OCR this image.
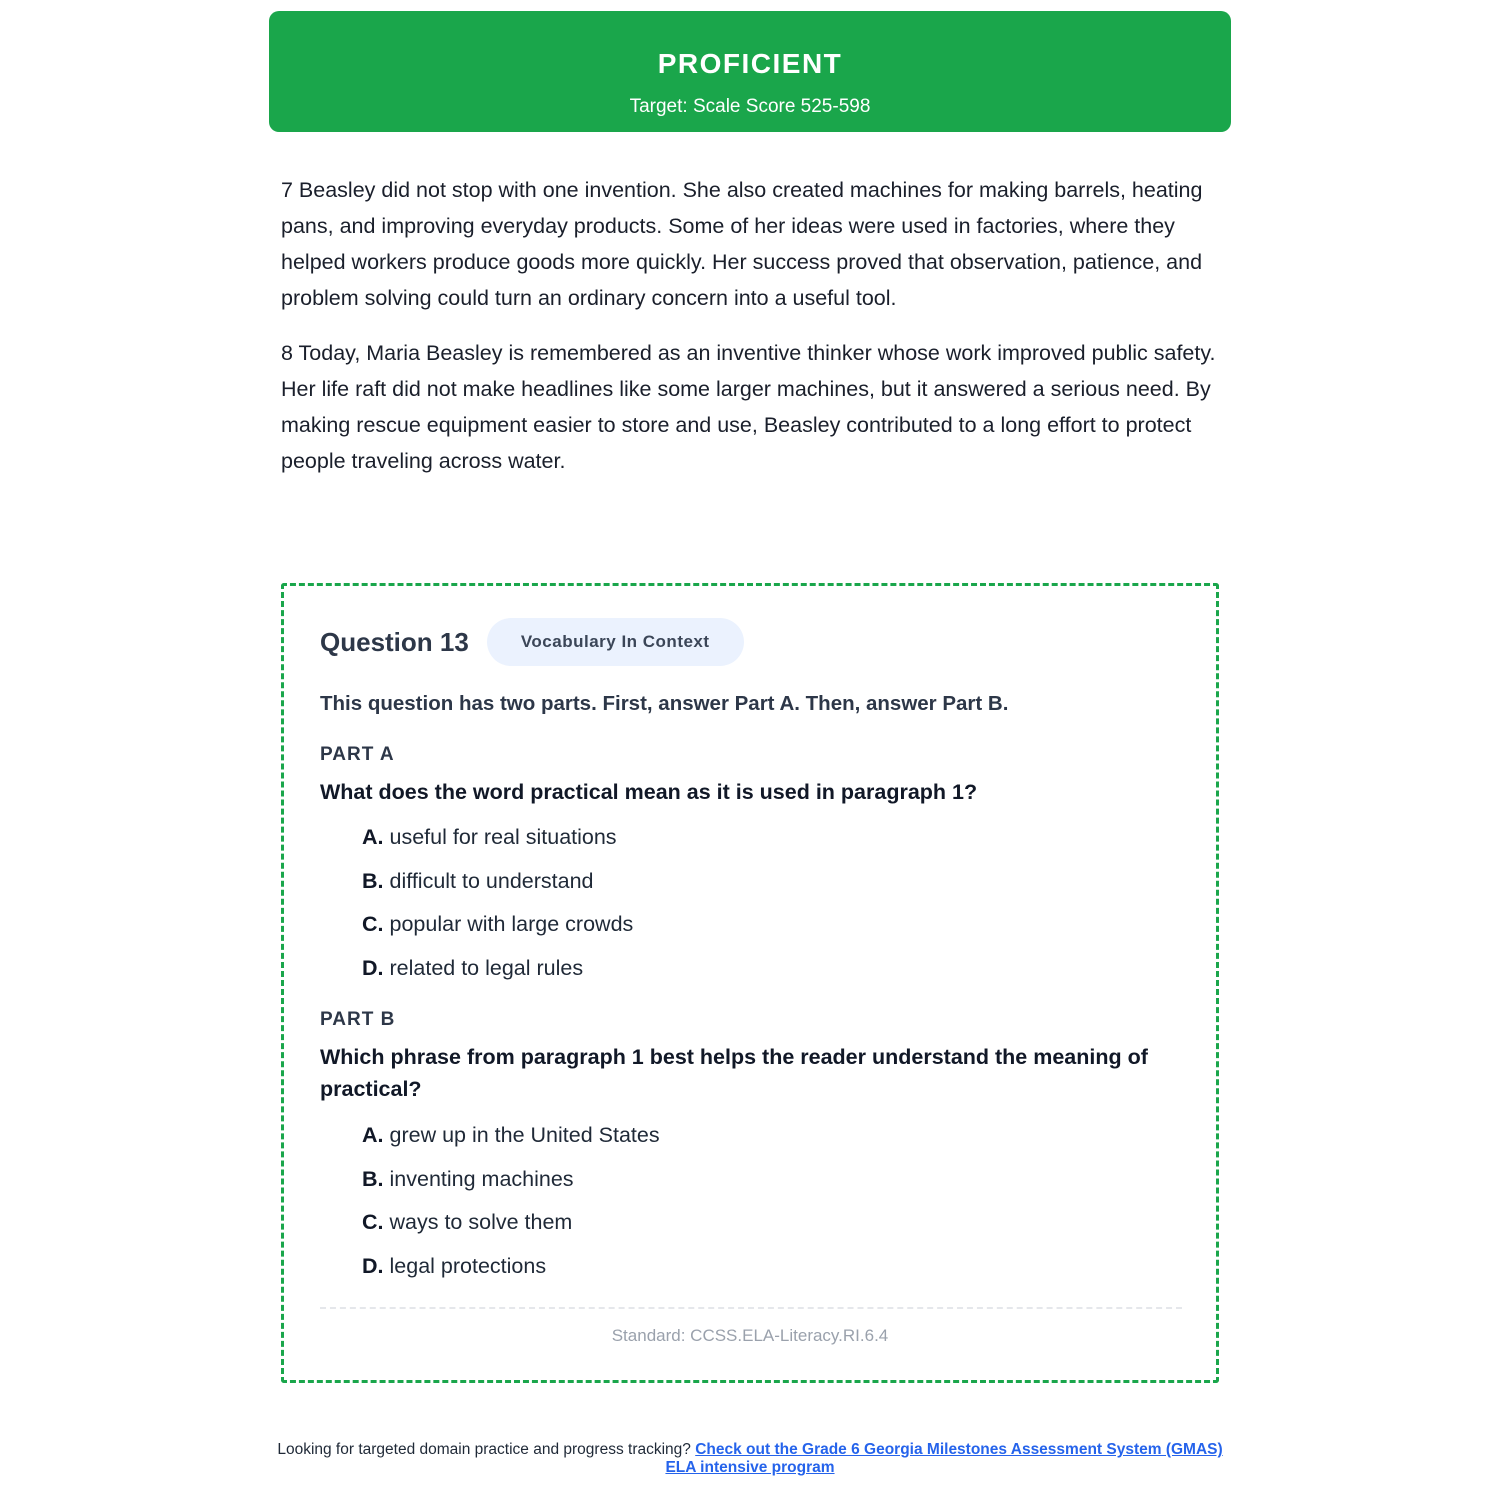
PROFICIENT
Target: Scale Score 525-598

7 Beasley did not stop with one invention. She also created machines for making barrels, heating pans, and improving everyday products. Some of her ideas were used in factories, where they helped workers produce goods more quickly. Her success proved that observation, patience, and problem solving could turn an ordinary concern into a useful tool.

8 Today, Maria Beasley is remembered as an inventive thinker whose work improved public safety. Her life raft did not make headlines like some larger machines, but it answered a serious need. By making rescue equipment easier to store and use, Beasley contributed to a long effort to protect people traveling across water.

Question 13	Vocabulary In Context
This question has two parts. First, answer Part A. Then, answer Part B.
PART A
What does the word practical mean as it is used in paragraph 1?
A. useful for real situations
B. difficult to understand
C. popular with large crowds
D. related to legal rules
PART B
Which phrase from paragraph 1 best helps the reader understand the meaning of practical?
A. grew up in the United States
B. inventing machines
C. ways to solve them
D. legal protections
Standard: CCSS.ELA-Literacy.RI.6.4
Looking for targeted domain practice and progress tracking? Check out the Grade 6 Georgia Milestones Assessment System (GMAS) ELA intensive program
